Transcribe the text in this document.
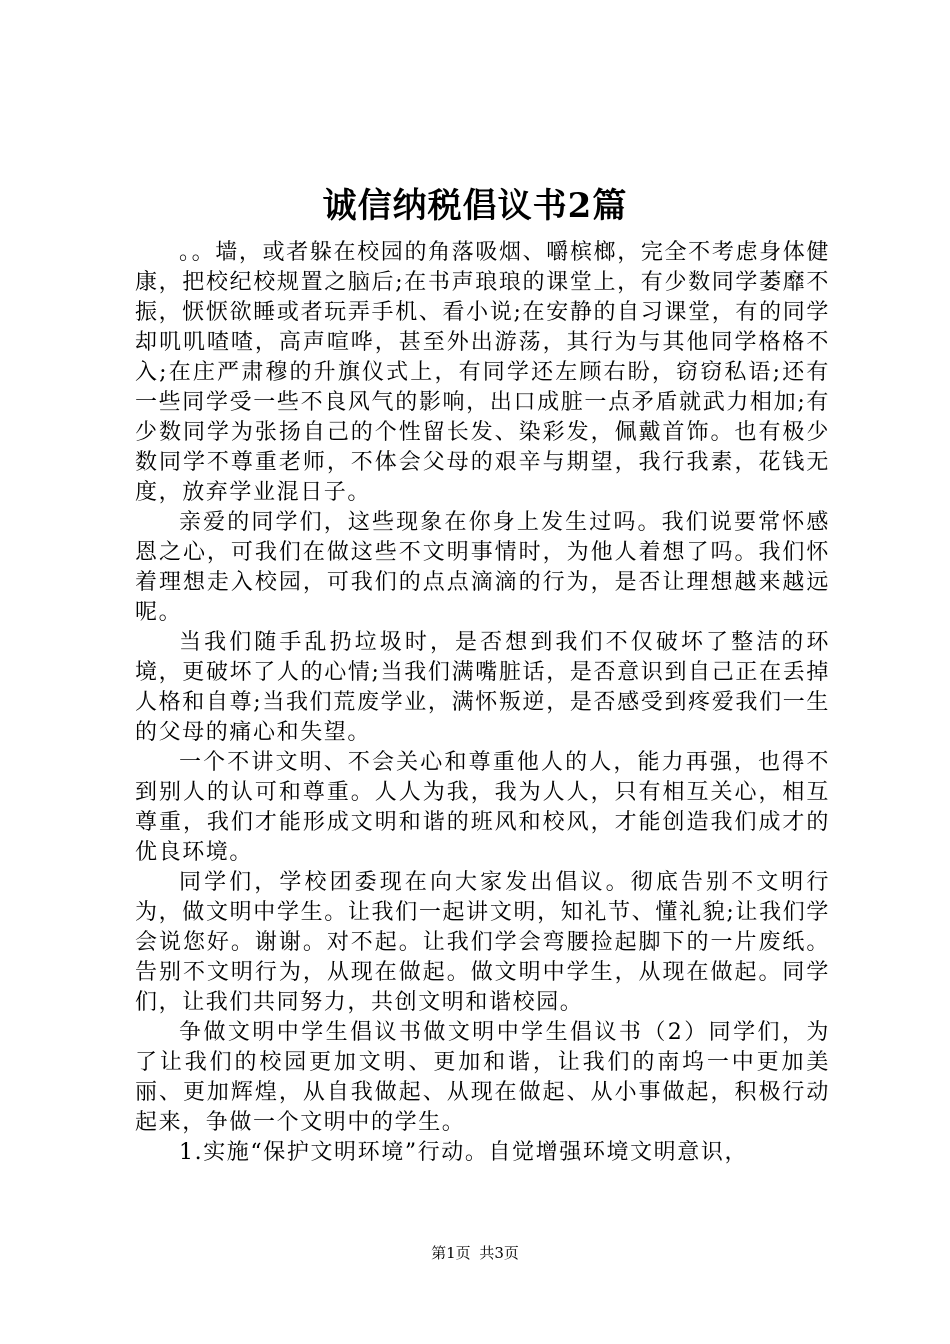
诚信纳税倡议书2篇

。。墙，或者躲在校园的角落吸烟、嚼槟榔，完全不考虑身体健康，把校纪校规置之脑后;在书声琅琅的课堂上，有少数同学萎靡不振，恹恹欲睡或者玩弄手机、看小说;在安静的自习课堂，有的同学却叽叽喳喳，高声喧哗，甚至外出游荡，其行为与其他同学格格不入;在庄严肃穆的升旗仪式上，有同学还左顾右盼，窃窃私语;还有一些同学受一些不良风气的影响，出口成脏一点矛盾就武力相加;有少数同学为张扬自己的个性留长发、染彩发，佩戴首饰。也有极少数同学不尊重老师，不体会父母的艰辛与期望，我行我素，花钱无度，放弃学业混日子。

亲爱的同学们，这些现象在你身上发生过吗。我们说要常怀感恩之心，可我们在做这些不文明事情时，为他人着想了吗。我们怀着理想走入校园，可我们的点点滴滴的行为，是否让理想越来越远呢。

当我们随手乱扔垃圾时，是否想到我们不仅破坏了整洁的环境，更破坏了人的心情;当我们满嘴脏话，是否意识到自己正在丢掉人格和自尊;当我们荒废学业，满怀叛逆，是否感受到疼爱我们一生的父母的痛心和失望。

一个不讲文明、不会关心和尊重他人的人，能力再强，也得不到别人的认可和尊重。人人为我，我为人人，只有相互关心，相互尊重，我们才能形成文明和谐的班风和校风，才能创造我们成才的优良环境。

同学们，学校团委现在向大家发出倡议。彻底告别不文明行为，做文明中学生。让我们一起讲文明，知礼节、懂礼貌;让我们学会说您好。谢谢。对不起。让我们学会弯腰捡起脚下的一片废纸。告别不文明行为，从现在做起。做文明中学生，从现在做起。同学们，让我们共同努力，共创文明和谐校园。

争做文明中学生倡议书做文明中学生倡议书（2）同学们，为了让我们的校园更加文明、更加和谐，让我们的南坞一中更加美丽、更加辉煌，从自我做起、从现在做起、从小事做起，积极行动起来，争做一个文明中的学生。

1.实施“保护文明环境”行动。自觉增强环境文明意识，

第1页 共3页
